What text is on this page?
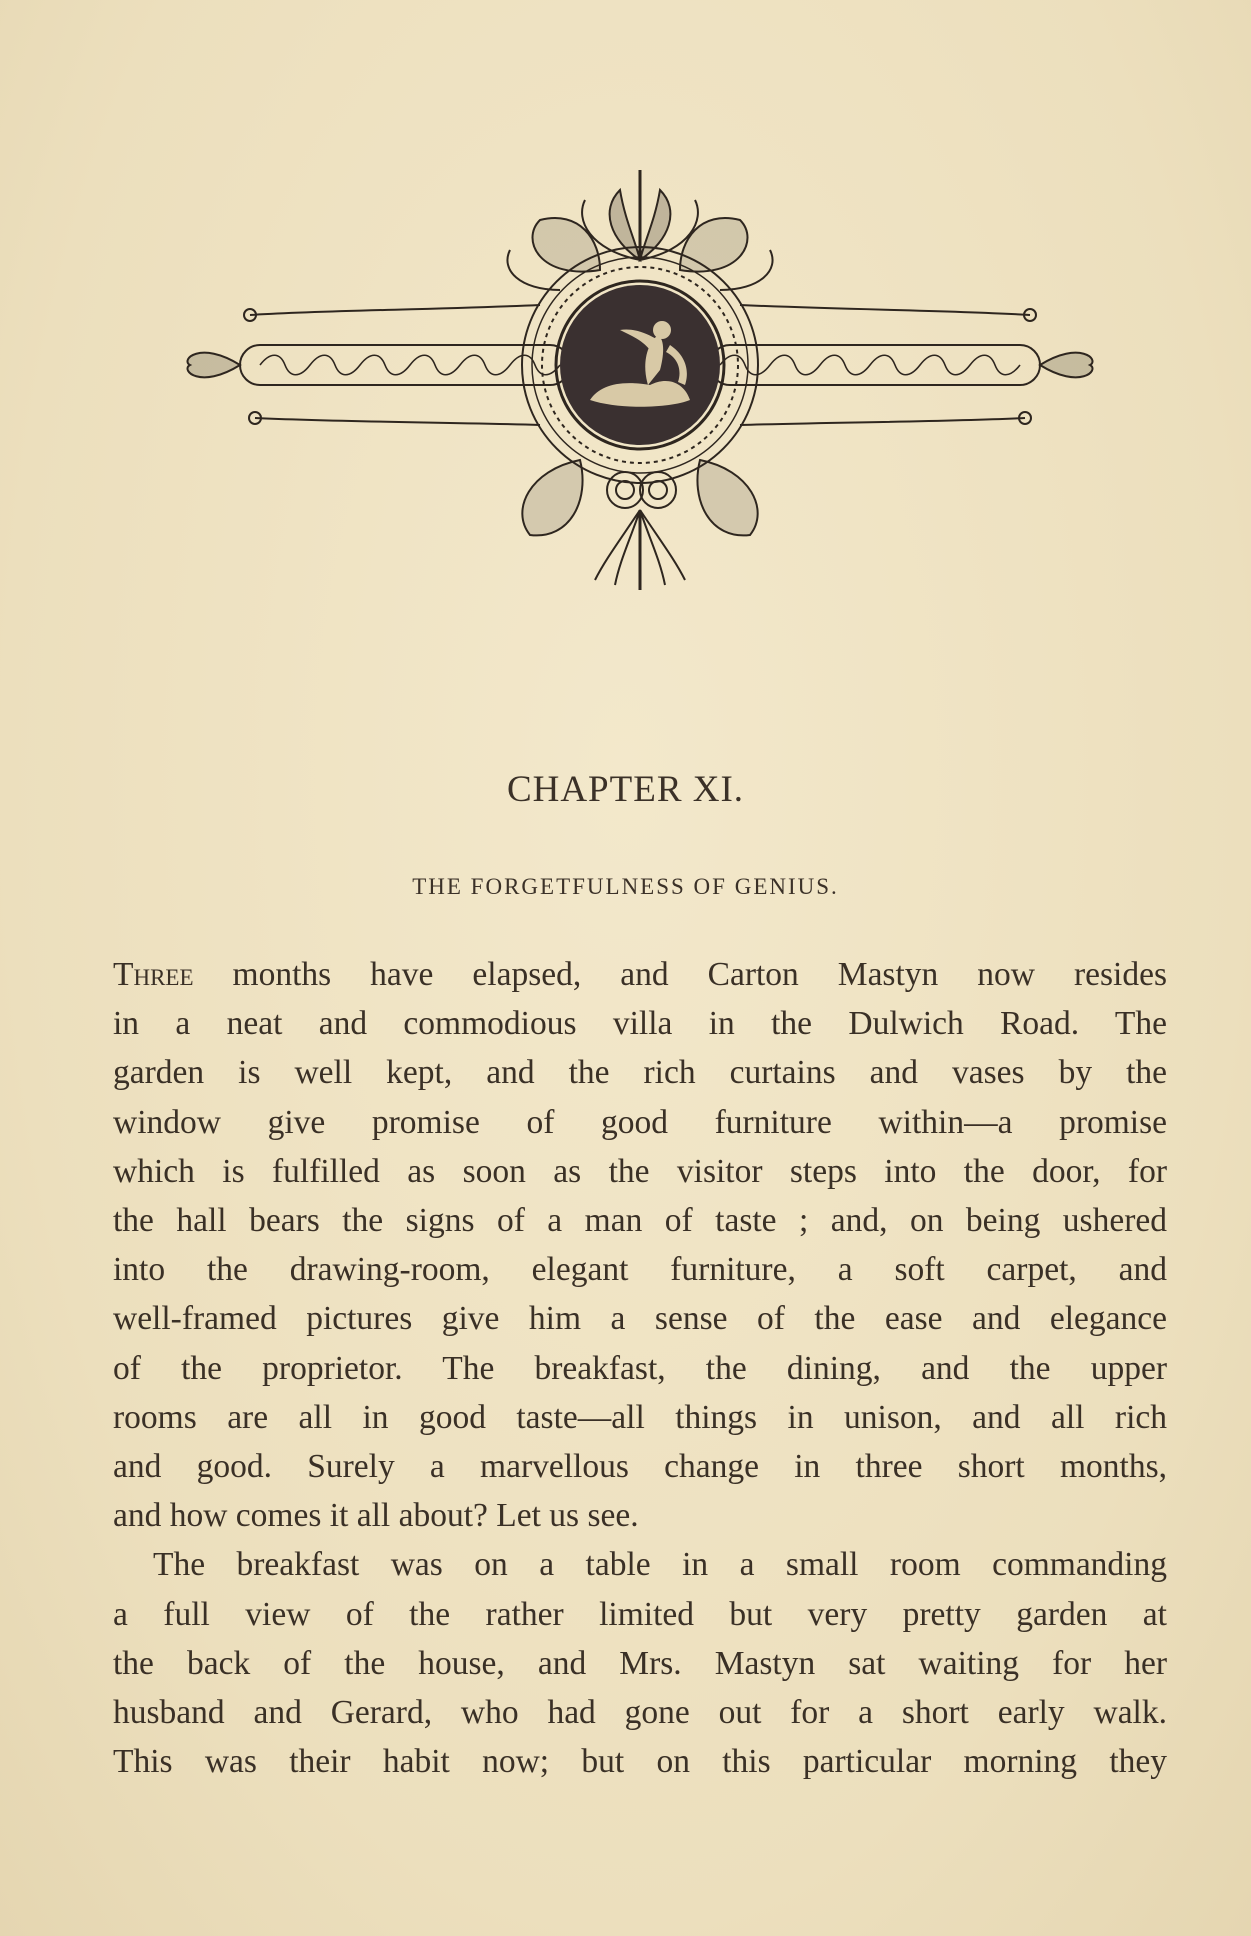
CHAPTER XI.
THE FORGETFULNESS OF GENIUS.
Three months have elapsed, and Carton Mastyn now resides
in a neat and commodious villa in the Dulwich Road. The
garden is well kept, and the rich curtains and vases by the
window give promise of good furniture within—a promise
which is fulfilled as soon as the visitor steps into the door, for
the hall bears the signs of a man of taste ; and, on being ushered
into the drawing-room, elegant furniture, a soft carpet, and
well-framed pictures give him a sense of the ease and elegance
of the proprietor. The breakfast, the dining, and the upper
rooms are all in good taste—all things in unison, and all rich
and good. Surely a marvellous change in three short months,
and how comes it all about? Let us see.
The breakfast was on a table in a small room commanding
a full view of the rather limited but very pretty garden at
the back of the house, and Mrs. Mastyn sat waiting for her
husband and Gerard, who had gone out for a short early walk.
This was their habit now; but on this particular morning they
